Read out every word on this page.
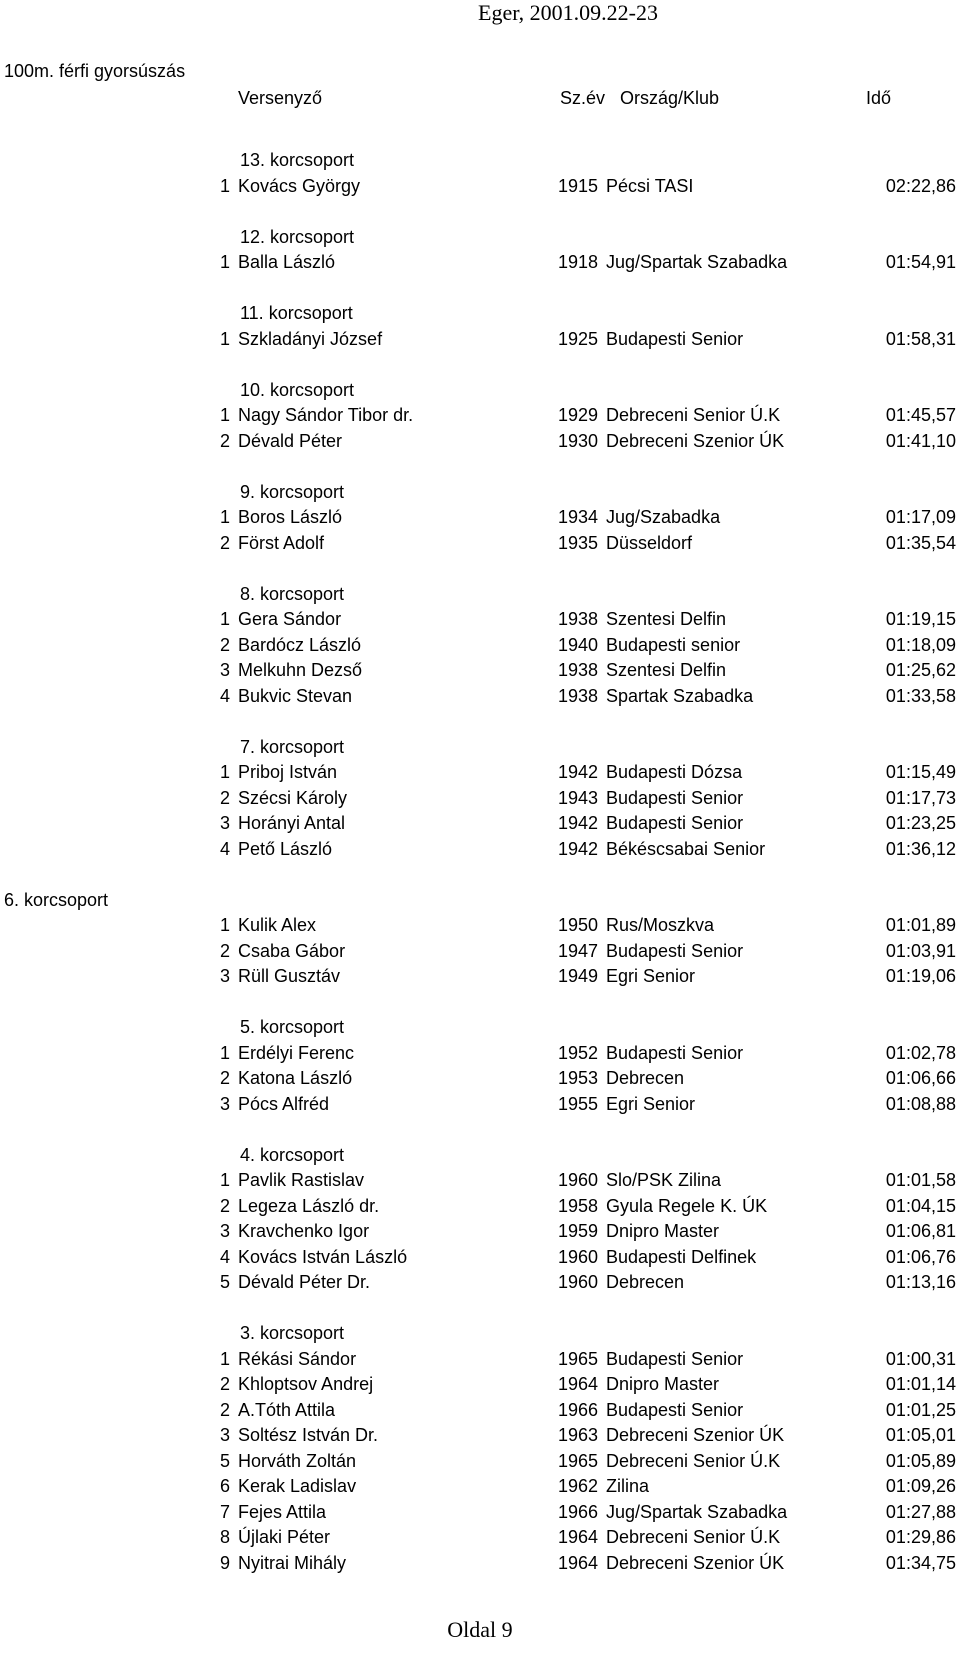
Eger, 2001.09.22-23
100m. férfi gyorsúszás
Versenyző	Sz.év Ország/Klub	Idő
13. korcsoport
1 Kovács György	1915 Pécsi TASI	02:22,86
12. korcsoport
1 Balla László	1918 Jug/Spartak Szabadka	01:54,91
11. korcsoport
1 Szkladányi József	1925 Budapesti Senior	01:58,31
10. korcsoport
1 Nagy Sándor Tibor dr.	1929 Debreceni Senior Ú.K	01:45,57
2 Dévald Péter	1930 Debreceni Szenior ÚK	01:41,10
9. korcsoport
1 Boros László	1934 Jug/Szabadka	01:17,09
2 Först Adolf	1935 Düsseldorf	01:35,54
8. korcsoport
1 Gera Sándor	1938 Szentesi Delfin	01:19,15
2 Bardócz László	1940 Budapesti senior	01:18,09
3 Melkuhn Dezső	1938 Szentesi Delfin	01:25,62
4 Bukvic Stevan	1938 Spartak Szabadka	01:33,58
7. korcsoport
1 Priboj István	1942 Budapesti Dózsa	01:15,49
2 Szécsi Károly	1943 Budapesti Senior	01:17,73
3 Horányi Antal	1942 Budapesti Senior	01:23,25
4 Pető László	1942 Békéscsabai Senior	01:36,12
6. korcsoport
1 Kulik Alex	1950 Rus/Moszkva	01:01,89
2 Csaba Gábor	1947 Budapesti Senior	01:03,91
3 Rüll Gusztáv	1949 Egri Senior	01:19,06
5. korcsoport
1 Erdélyi Ferenc	1952 Budapesti Senior	01:02,78
2 Katona László	1953 Debrecen	01:06,66
3 Pócs Alfréd	1955 Egri Senior	01:08,88
4. korcsoport
1 Pavlik Rastislav	1960 Slo/PSK Zilina	01:01,58
2 Legeza László dr.	1958 Gyula Regele K. ÚK	01:04,15
3 Kravchenko Igor	1959 Dnipro Master	01:06,81
4 Kovács István László	1960 Budapesti Delfinek	01:06,76
5 Dévald Péter Dr.	1960 Debrecen	01:13,16
3. korcsoport
1 Rékási Sándor	1965 Budapesti Senior	01:00,31
2 Khloptsov Andrej	1964 Dnipro Master	01:01,14
2 A.Tóth Attila	1966 Budapesti Senior	01:01,25
3 Soltész István Dr.	1963 Debreceni Szenior ÚK	01:05,01
5 Horváth Zoltán	1965 Debreceni Senior Ú.K	01:05,89
6 Kerak Ladislav	1962 Zilina	01:09,26
7 Fejes Attila	1966 Jug/Spartak Szabadka	01:27,88
8 Újlaki Péter	1964 Debreceni Senior Ú.K	01:29,86
9 Nyitrai Mihály	1964 Debreceni Szenior ÚK	01:34,75
Oldal 9
